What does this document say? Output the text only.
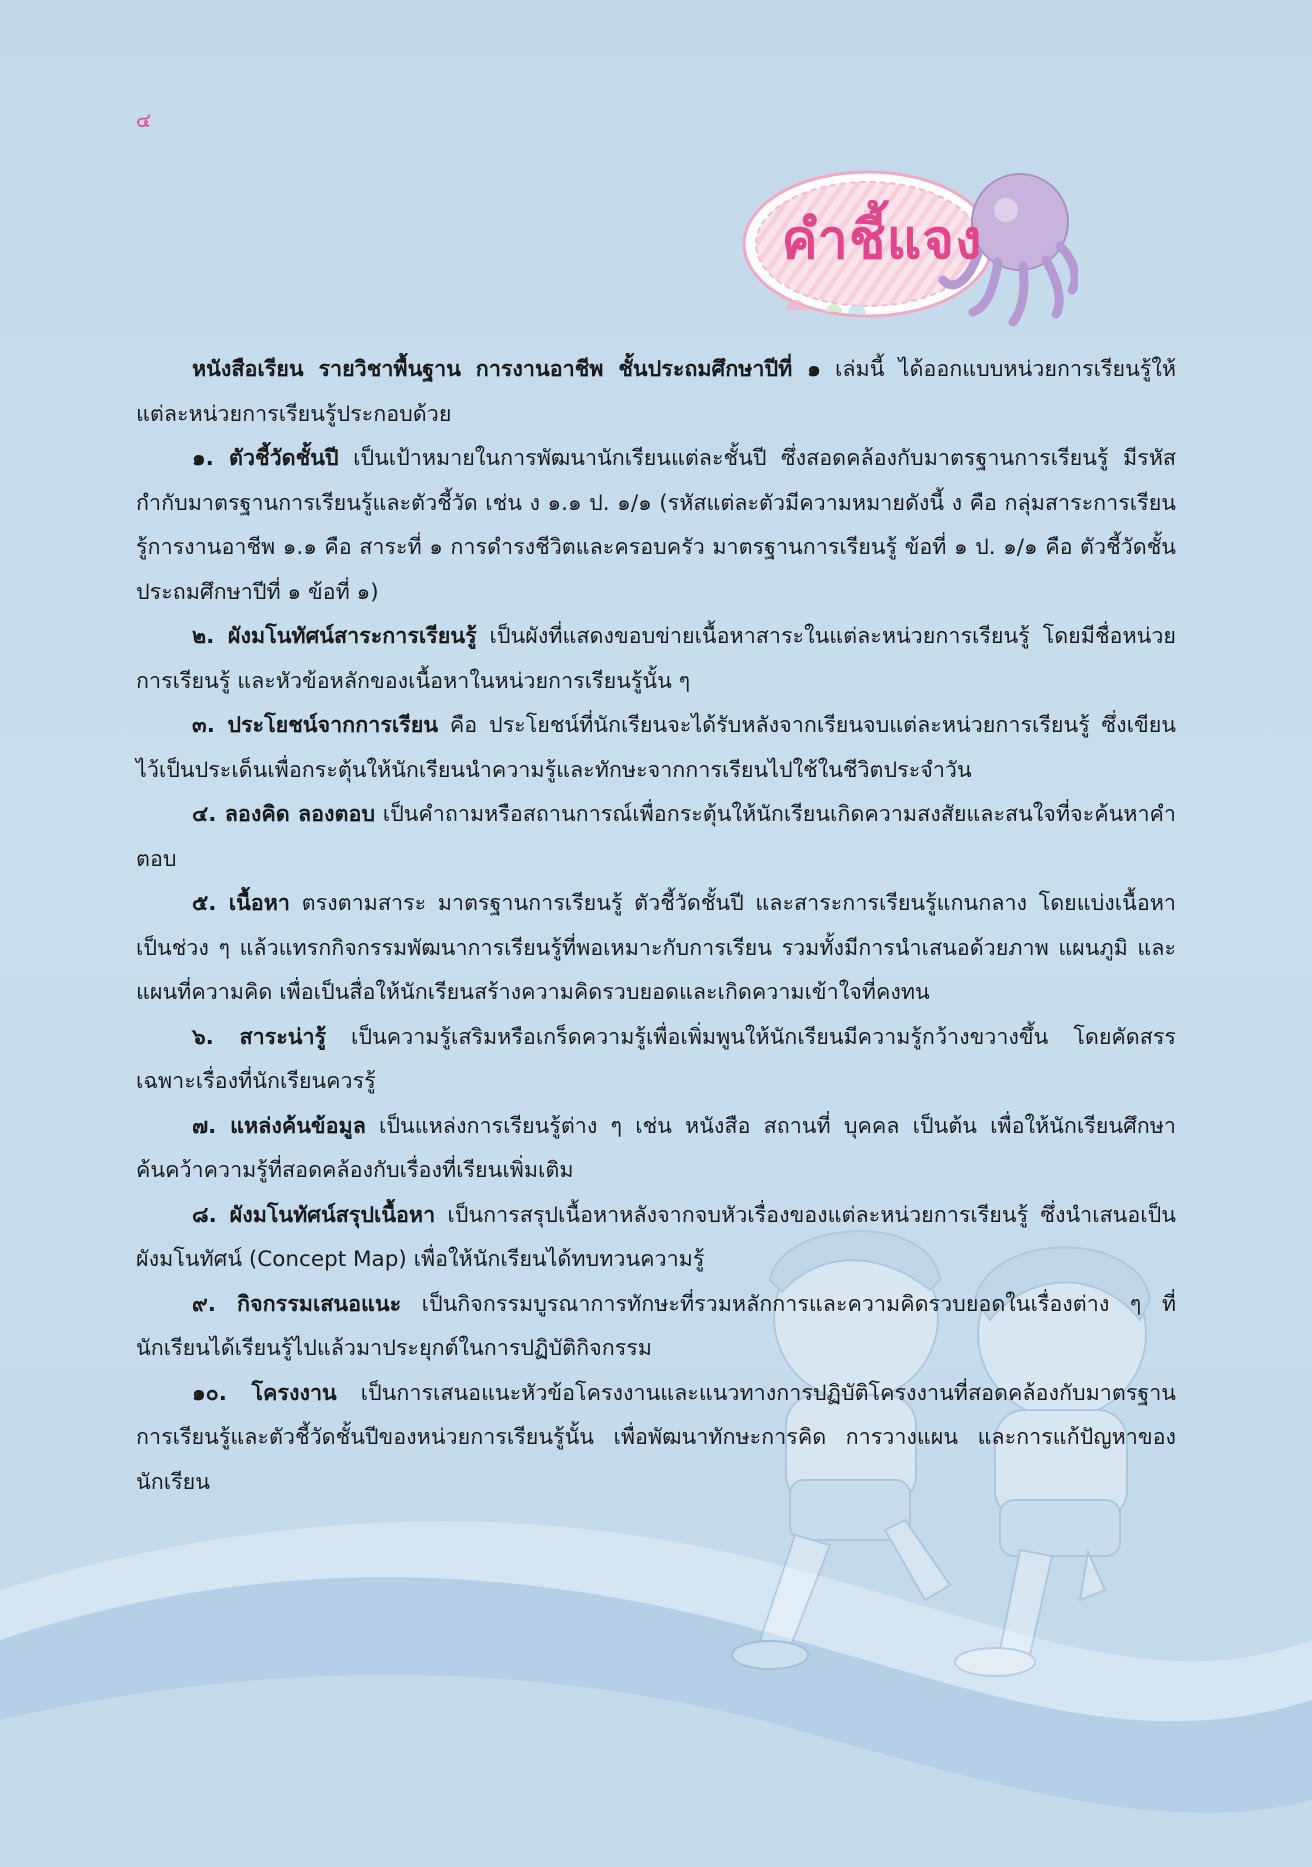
๔
คำชี้แจง

หนังสือเรียน รายวิชาพื้นฐาน การงานอาชีพ ชั้นประถมศึกษาปีที่ ๑ เล่มนี้ ได้ออกแบบหน่วยการเรียนรู้ให้แต่ละหน่วยการเรียนรู้ประกอบด้วย

๑. ตัวชี้วัดชั้นปี เป็นเป้าหมายในการพัฒนานักเรียนแต่ละชั้นปี ซึ่งสอดคล้องกับมาตรฐานการเรียนรู้ มีรหัสกำกับมาตรฐานการเรียนรู้และตัวชี้วัด เช่น ง ๑.๑ ป. ๑/๑ (รหัสแต่ละตัวมีความหมายดังนี้ ง คือ กลุ่มสาระการเรียนรู้การงานอาชีพ ๑.๑ คือ สาระที่ ๑ การดำรงชีวิตและครอบครัว มาตรฐานการเรียนรู้ ข้อที่ ๑ ป. ๑/๑ คือ ตัวชี้วัดชั้นประถมศึกษาปีที่ ๑ ข้อที่ ๑)

๒. ผังมโนทัศน์สาระการเรียนรู้ เป็นผังที่แสดงขอบข่ายเนื้อหาสาระในแต่ละหน่วยการเรียนรู้ โดยมีชื่อหน่วยการเรียนรู้ และหัวข้อหลักของเนื้อหาในหน่วยการเรียนรู้นั้น ๆ

๓. ประโยชน์จากการเรียน คือ ประโยชน์ที่นักเรียนจะได้รับหลังจากเรียนจบแต่ละหน่วยการเรียนรู้ ซึ่งเขียนไว้เป็นประเด็นเพื่อกระตุ้นให้นักเรียนนำความรู้และทักษะจากการเรียนไปใช้ในชีวิตประจำวัน

๔. ลองคิด ลองตอบ เป็นคำถามหรือสถานการณ์เพื่อกระตุ้นให้นักเรียนเกิดความสงสัยและสนใจที่จะค้นหาคำตอบ

๕. เนื้อหา ตรงตามสาระ มาตรฐานการเรียนรู้ ตัวชี้วัดชั้นปี และสาระการเรียนรู้แกนกลาง โดยแบ่งเนื้อหาเป็นช่วง ๆ แล้วแทรกกิจกรรมพัฒนาการเรียนรู้ที่พอเหมาะกับการเรียน รวมทั้งมีการนำเสนอด้วยภาพ แผนภูมิ และแผนที่ความคิด เพื่อเป็นสื่อให้นักเรียนสร้างความคิดรวบยอดและเกิดความเข้าใจที่คงทน

๖. สาระน่ารู้ เป็นความรู้เสริมหรือเกร็ดความรู้เพื่อเพิ่มพูนให้นักเรียนมีความรู้กว้างขวางขึ้น โดยคัดสรรเฉพาะเรื่องที่นักเรียนควรรู้

๗. แหล่งค้นข้อมูล เป็นแหล่งการเรียนรู้ต่าง ๆ เช่น หนังสือ สถานที่ บุคคล เป็นต้น เพื่อให้นักเรียนศึกษาค้นคว้าความรู้ที่สอดคล้องกับเรื่องที่เรียนเพิ่มเติม

๘. ผังมโนทัศน์สรุปเนื้อหา เป็นการสรุปเนื้อหาหลังจากจบหัวเรื่องของแต่ละหน่วยการเรียนรู้ ซึ่งนำเสนอเป็นผังมโนทัศน์ (Concept Map) เพื่อให้นักเรียนได้ทบทวนความรู้

๙. กิจกรรมเสนอแนะ เป็นกิจกรรมบูรณาการทักษะที่รวมหลักการและความคิดรวบยอดในเรื่องต่าง ๆ ที่นักเรียนได้เรียนรู้ไปแล้วมาประยุกต์ในการปฏิบัติกิจกรรม

๑๐. โครงงาน เป็นการเสนอแนะหัวข้อโครงงานและแนวทางการปฏิบัติโครงงานที่สอดคล้องกับมาตรฐานการเรียนรู้และตัวชี้วัดชั้นปีของหน่วยการเรียนรู้นั้น เพื่อพัฒนาทักษะการคิด การวางแผน และการแก้ปัญหาของนักเรียน
